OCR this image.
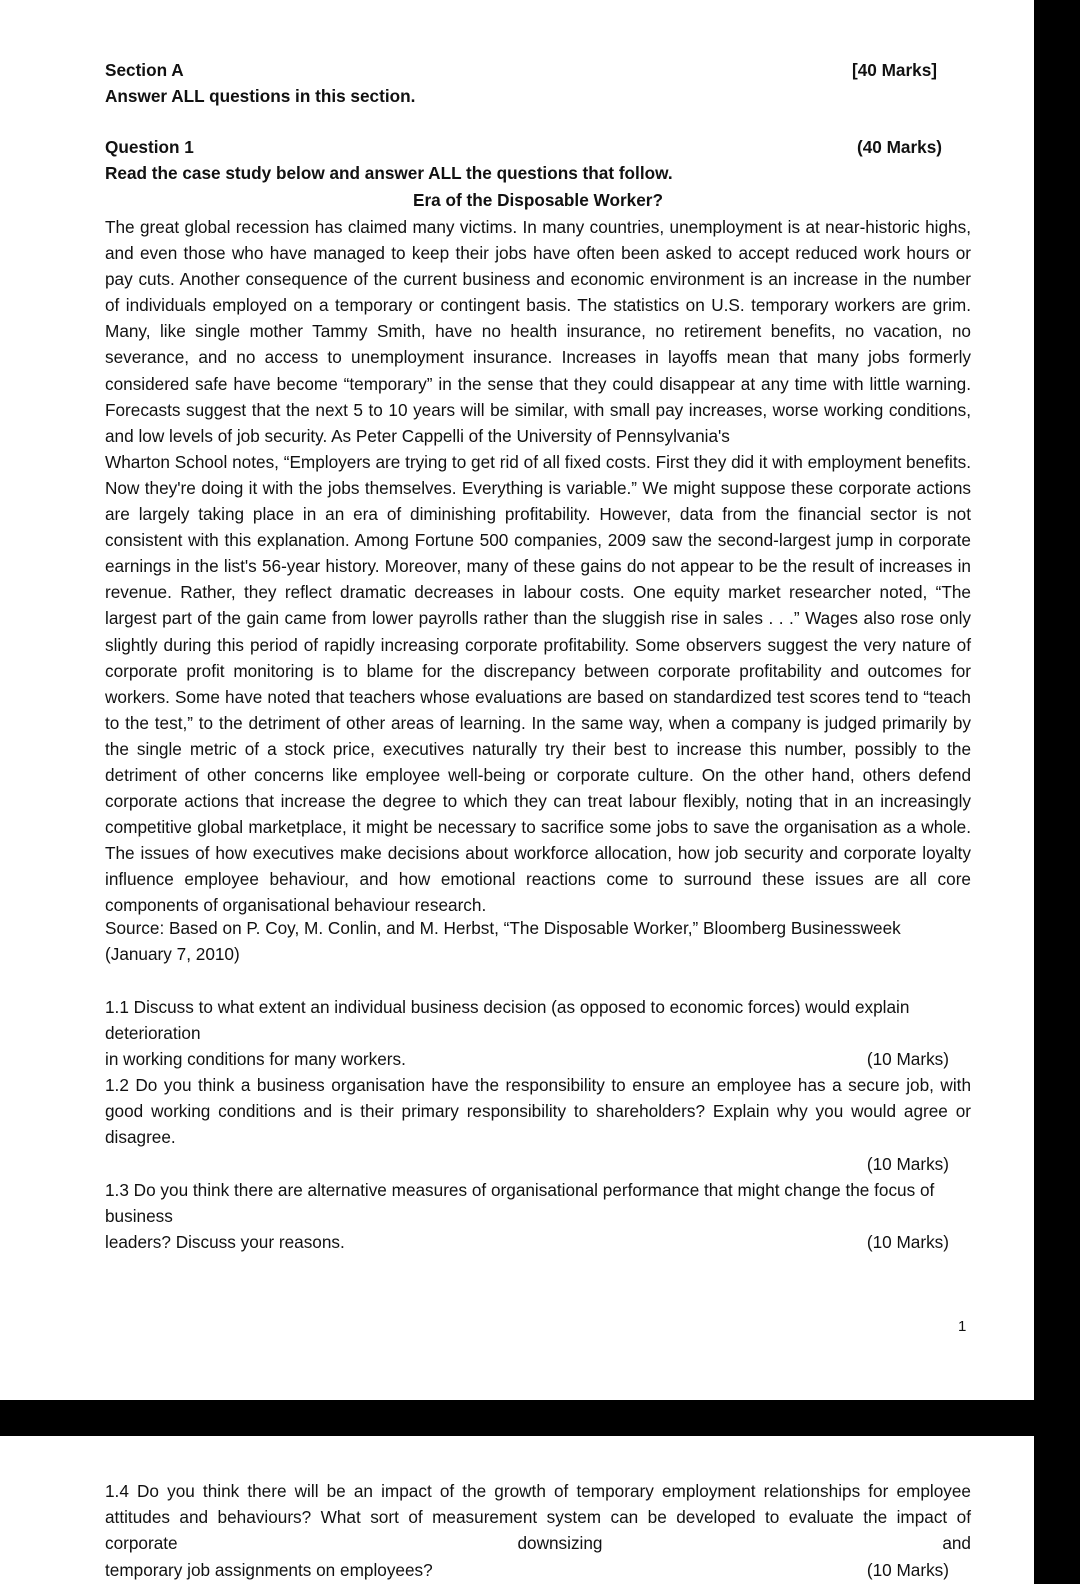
Section A	[40 Marks]
Answer ALL questions in this section.
Question 1	(40 Marks)
Read the case study below and answer ALL the questions that follow.
Era of the Disposable Worker?

The great global recession has claimed many victims. In many countries, unemployment is at near-historic highs, and even those who have managed to keep their jobs have often been asked to accept reduced work hours or pay cuts. Another consequence of the current business and economic environment is an increase in the number of individuals employed on a temporary or contingent basis. The statistics on U.S. temporary workers are grim. Many, like single mother Tammy Smith, have no health insurance, no retirement benefits, no vacation, no severance, and no access to unemployment insurance. Increases in layoffs mean that many jobs formerly considered safe have become “temporary” in the sense that they could disappear at any time with little warning. Forecasts suggest that the next 5 to 10 years will be similar, with small pay increases, worse working conditions, and low levels of job security. As Peter Cappelli of the University of Pennsylvania's

Wharton School notes, “Employers are trying to get rid of all fixed costs. First they did it with employment benefits. Now they're doing it with the jobs themselves. Everything is variable.” We might suppose these corporate actions are largely taking place in an era of diminishing profitability. However, data from the financial sector is not consistent with this explanation. Among Fortune 500 companies, 2009 saw the second-largest jump in corporate earnings in the list's 56-year history. Moreover, many of these gains do not appear to be the result of increases in revenue. Rather, they reflect dramatic decreases in labour costs. One equity market researcher noted, “The largest part of the gain came from lower payrolls rather than the sluggish rise in sales . . .” Wages also rose only slightly during this period of rapidly increasing corporate profitability. Some observers suggest the very nature of corporate profit monitoring is to blame for the discrepancy between corporate profitability and outcomes for workers. Some have noted that teachers whose evaluations are based on standardized test scores tend to “teach to the test,” to the detriment of other areas of learning. In the same way, when a company is judged primarily by the single metric of a stock price, executives naturally try their best to increase this number, possibly to the detriment of other concerns like employee well-being or corporate culture. On the other hand, others defend corporate actions that increase the degree to which they can treat labour flexibly, noting that in an increasingly competitive global marketplace, it might be necessary to sacrifice some jobs to save the organisation as a whole. The issues of how executives make decisions about workforce allocation, how job security and corporate loyalty influence employee behaviour, and how emotional reactions come to surround these issues are all core components of organisational behaviour research.

Source: Based on P. Coy, M. Conlin, and M. Herbst, “The Disposable Worker,” Bloomberg Businessweek
(January 7, 2010)
1.1 Discuss to what extent an individual business decision (as opposed to economic forces) would explain deterioration
in working conditions for many workers.	(10 Marks)
1.2 Do you think a business organisation have the responsibility to ensure an employee has a secure job, with good working conditions and is their primary responsibility to shareholders? Explain why you would agree or disagree.
(10 Marks)
1.3 Do you think there are alternative measures of organisational performance that might change the focus of business
leaders? Discuss your reasons.	(10 Marks)
1
1.4 Do you think there will be an impact of the growth of temporary employment relationships for employee attitudes and behaviours? What sort of measurement system can be developed to evaluate the impact of corporate downsizing and
temporary job assignments on employees?	(10 Marks)
